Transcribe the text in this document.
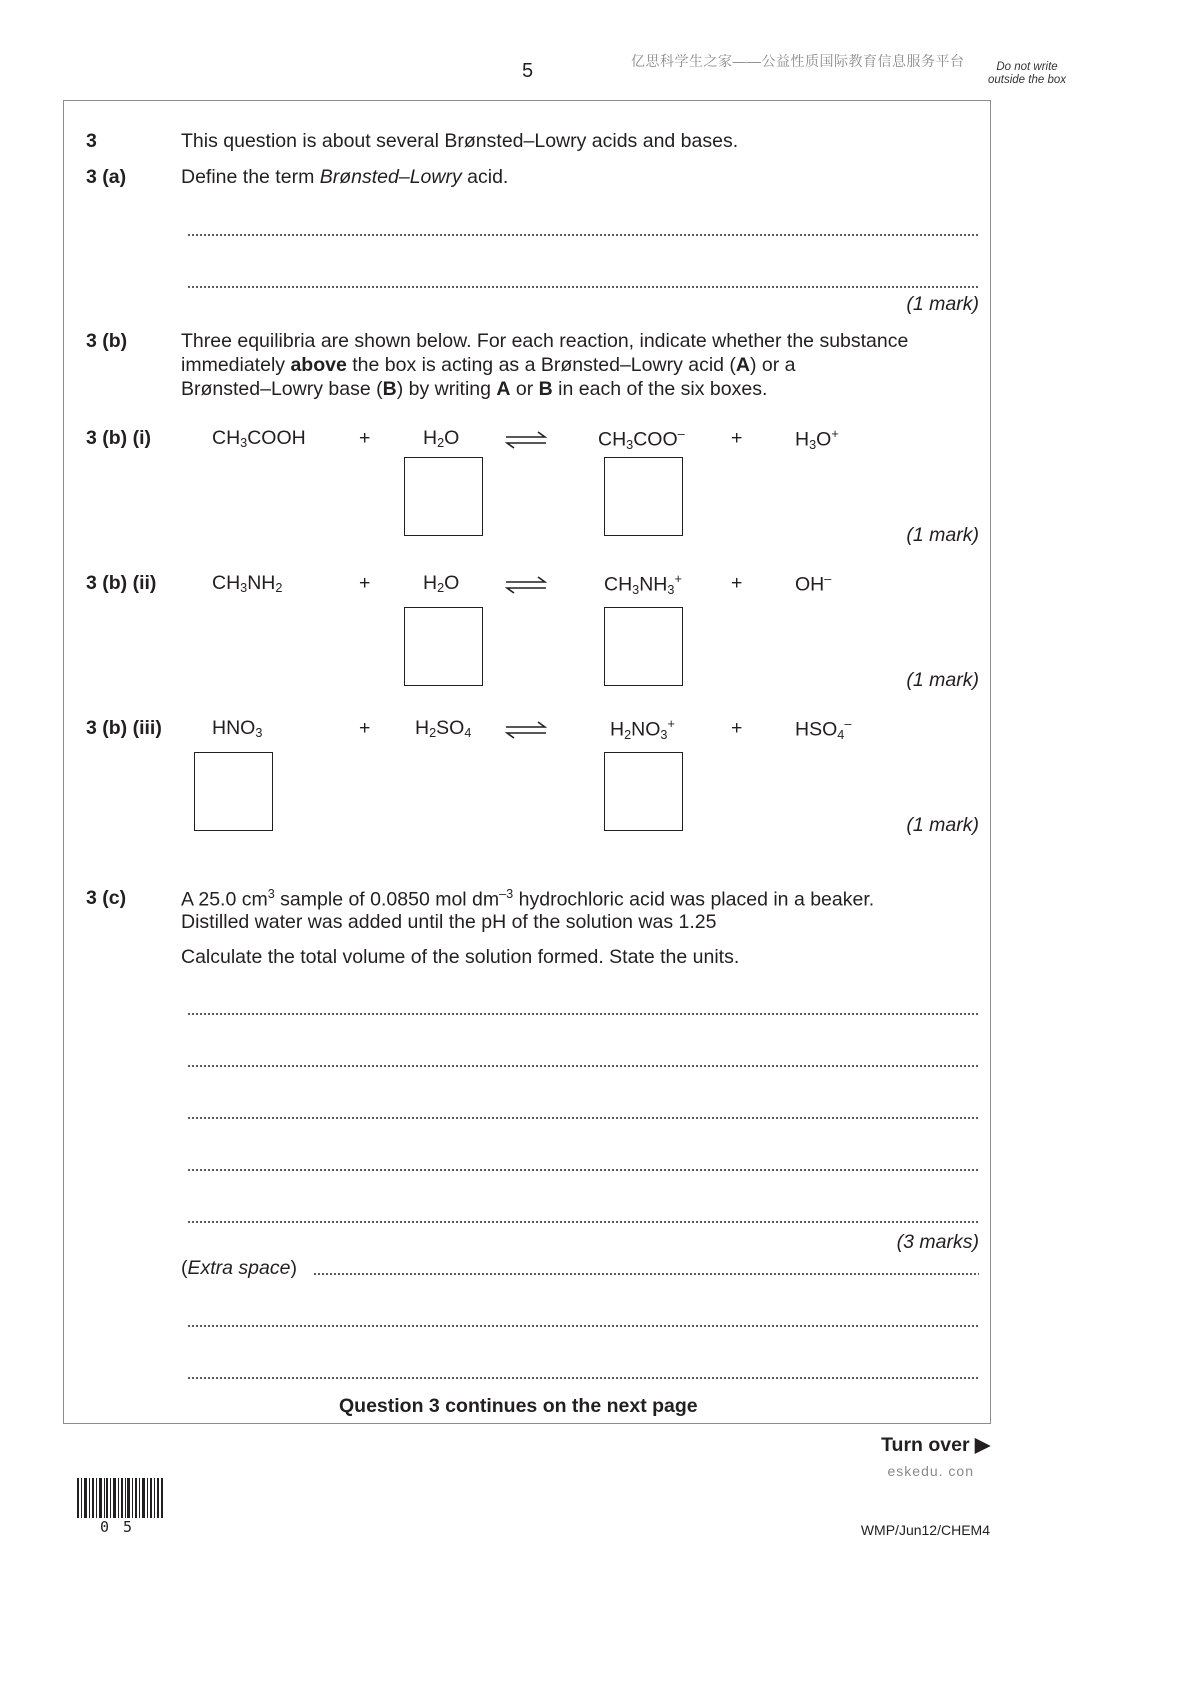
5	亿思科学生之家——公益性质国际教育信息服务平台	Do not write outside the box
3	This question is about several Brønsted–Lowry acids and bases.
3 (a)	Define the term Brønsted–Lowry acid.
(1 mark)
3 (b)	Three equilibria are shown below. For each reaction, indicate whether the substance
immediately above the box is acting as a Brønsted–Lowry acid (A) or a
Brønsted–Lowry base (B) by writing A or B in each of the six boxes.
3 (b) (i)	$CH_3COOH$	+	$H_2O$	$CH_3COO^-$ +	$H_3O^+$
(1 mark)
3 (b) (ii)	$CH_3NH_2$	+	$H_2O$	$CH_3NH_3^+$	+	OH–
(1 mark)
3 (b) (iii)	$HNO_3$	+ $H_2SO_4$	$H_2NO_3^+$	+	$HSO_4^-$
(1 mark)
3 (c)	A 25.0 $cm^3$ sample of 0.0850 mol $dm^{-3}$ hydrochloric acid was placed in a beaker.
Distilled water was added until the pH of the solution was 1.25
Calculate the total volume of the solution formed. State the units.
(3 marks)
(Extra space)
Question 3 continues on the next page
Turn over ▶
eskedu. con
05	WMP/Jun12/CHEM4
